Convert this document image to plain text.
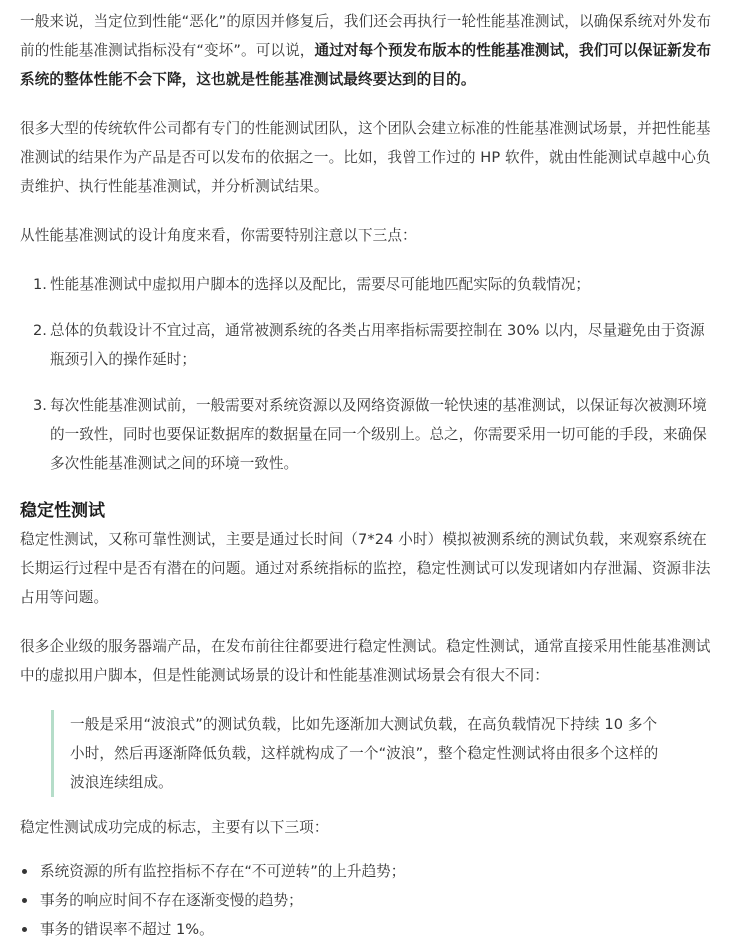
一般来说，当定位到性能“恶化”的原因并修复后，我们还会再执行一轮性能基准测试，以确保系统对外发布前的性能基准测试指标没有“变坏”。可以说，通过对每个预发布版本的性能基准测试，我们可以保证新发布系统的整体性能不会下降，这也就是性能基准测试最终要达到的目的。

很多大型的传统软件公司都有专门的性能测试团队，这个团队会建立标准的性能基准测试场景，并把性能基准测试的结果作为产品是否可以发布的依据之一。比如，我曾工作过的 HP 软件，就由性能测试卓越中心负责维护、执行性能基准测试，并分析测试结果。

从性能基准测试的设计角度来看，你需要特别注意以下三点：

1. 性能基准测试中虚拟用户脚本的选择以及配比，需要尽可能地匹配实际的负载情况；
2. 总体的负载设计不宜过高，通常被测系统的各类占用率指标需要控制在 30% 以内，尽量避免由于资源瓶颈引入的操作延时；
3. 每次性能基准测试前，一般需要对系统资源以及网络资源做一轮快速的基准测试，以保证每次被测环境的一致性，同时也要保证数据库的数据量在同一个级别上。总之，你需要采用一切可能的手段，来确保多次性能基准测试之间的环境一致性。
稳定性测试

稳定性测试，又称可靠性测试，主要是通过长时间（7*24 小时）模拟被测系统的测试负载，来观察系统在长期运行过程中是否有潜在的问题。通过对系统指标的监控，稳定性测试可以发现诸如内存泄漏、资源非法占用等问题。

很多企业级的服务器端产品，在发布前往往都要进行稳定性测试。稳定性测试，通常直接采用性能基准测试中的虚拟用户脚本，但是性能测试场景的设计和性能基准测试场景会有很大不同：

一般是采用“波浪式”的测试负载，比如先逐渐加大测试负载，在高负载情况下持续 10 多个小时，然后再逐渐降低负载，这样就构成了一个“波浪”，整个稳定性测试将由很多个这样的波浪连续组成。

稳定性测试成功完成的标志，主要有以下三项：

系统资源的所有监控指标不存在“不可逆转”的上升趋势；
事务的响应时间不存在逐渐变慢的趋势；
事务的错误率不超过 1%。
